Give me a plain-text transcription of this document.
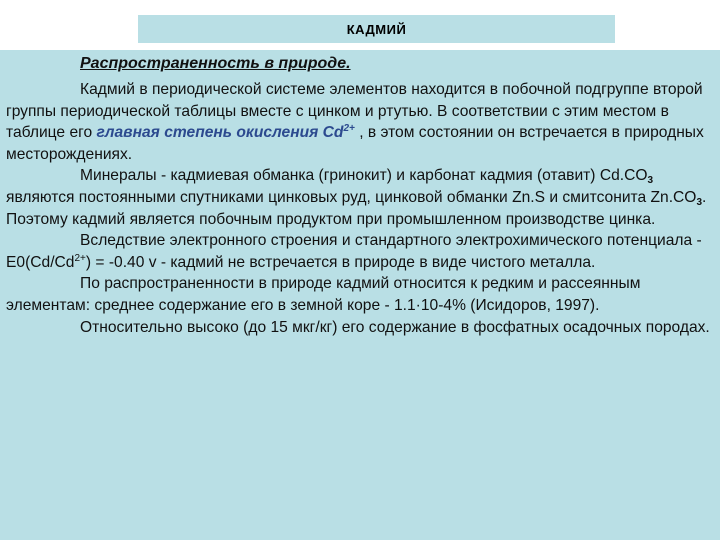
КАДМИЙ
Распространенность в природе.

Кадмий в периодической системе элементов находится в побочной подгруппе второй группы периодической таблицы вместе с цинком и ртутью. В соответствии с этим местом в таблице его главная степень окисления $Cd^{2+}$ , в этом состоянии он встречается в природных месторождениях.

Минералы - кадмиевая обманка (гринокит) и карбонат кадмия (отавит) $Cd.CO_3$ являются постоянными спутниками цинковых руд, цинковой обманки Zn.S и смитсонита $Zn.CO_3$. Поэтому кадмий является побочным продуктом при промышленном производстве цинка.

Вследствие электронного строения и стандартного электрохимического потенциала - $Е0(Cd/Cd^{2+}) = -0.40$ v - кадмий не встречается в природе в виде чистого металла.

По распространенности в природе кадмий относится к редким и рассеянным элементам: среднее содержание его в земной коре - 1.1·10-4% (Исидоров, 1997).

Относительно высоко (до 15 мкг/кг) его содержание в фосфатных осадочных породах.
